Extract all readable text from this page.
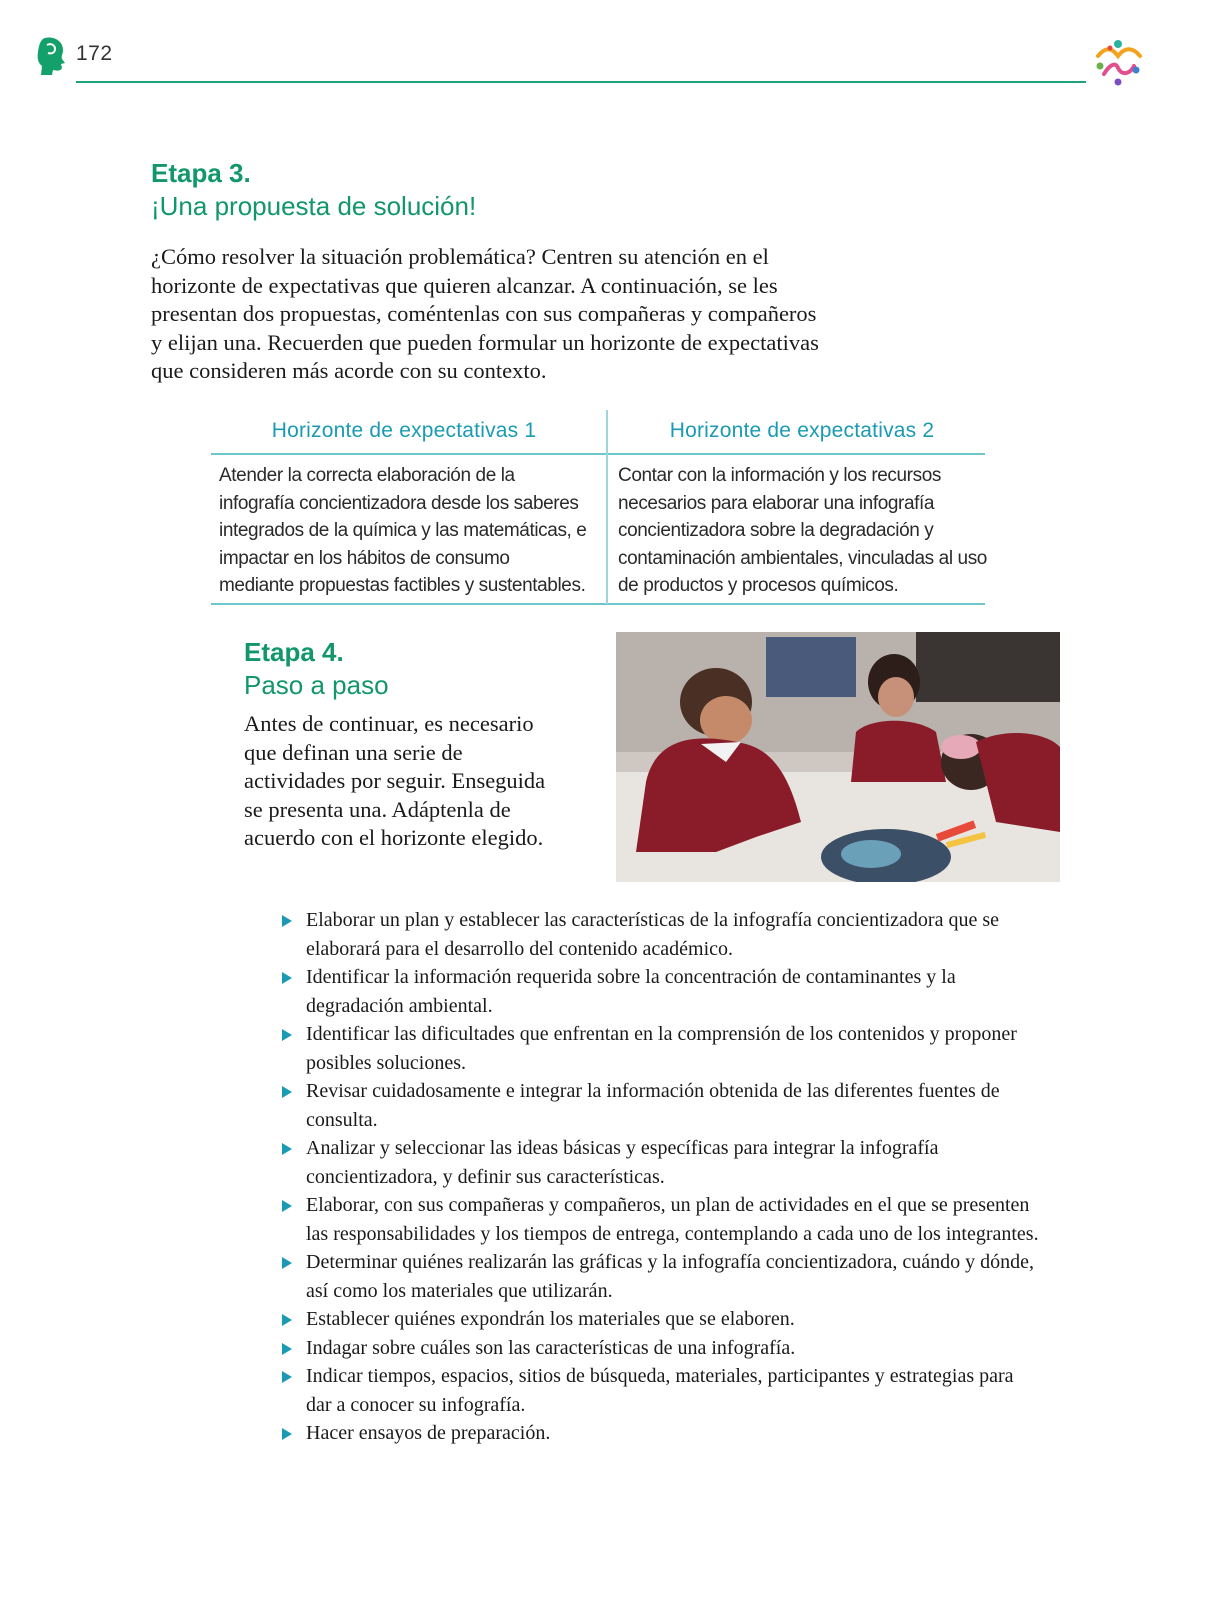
172
Etapa 3.
¡Una propuesta de solución!

¿Cómo resolver la situación problemática? Centren su atención en el horizonte de expectativas que quieren alcanzar. A continuación, se les presentan dos propuestas, coméntenlas con sus compañeras y compañeros y elijan una. Recuerden que pueden formular un horizonte de expectativas que consideren más acorde con su contexto.

Horizonte de expectativas 1
Atender la correcta elaboración de la infografía concientizadora desde los saberes integrados de la química y las matemáticas, e impactar en los hábitos de consumo mediante propuestas factibles y sustentables.
Horizonte de expectativas 2
Contar con la información y los recursos necesarios para elaborar una infografía concientizadora sobre la degradación y contaminación ambientales, vinculadas al uso de productos y procesos químicos.
Etapa 4.
Paso a paso

Antes de continuar, es necesario que definan una serie de actividades por seguir. Enseguida se presenta una. Adáptenla de acuerdo con el horizonte elegido.

Elaborar un plan y establecer las características de la infografía concientizadora que se elaborará para el desarrollo del contenido académico.
Identificar la información requerida sobre la concentración de contaminantes y la degradación ambiental.
Identificar las dificultades que enfrentan en la comprensión de los contenidos y proponer posibles soluciones.
Revisar cuidadosamente e integrar la información obtenida de las diferentes fuentes de consulta.
Analizar y seleccionar las ideas básicas y específicas para integrar la infografía concientizadora, y definir sus características.
Elaborar, con sus compañeras y compañeros, un plan de actividades en el que se presenten las responsabilidades y los tiempos de entrega, contemplando a cada uno de los integrantes.
Determinar quiénes realizarán las gráficas y la infografía concientizadora, cuándo y dónde, así como los materiales que utilizarán.
Establecer quiénes expondrán los materiales que se elaboren.
Indagar sobre cuáles son las características de una infografía.
Indicar tiempos, espacios, sitios de búsqueda, materiales, participantes y estrategias para dar a conocer su infografía.
Hacer ensayos de preparación.
